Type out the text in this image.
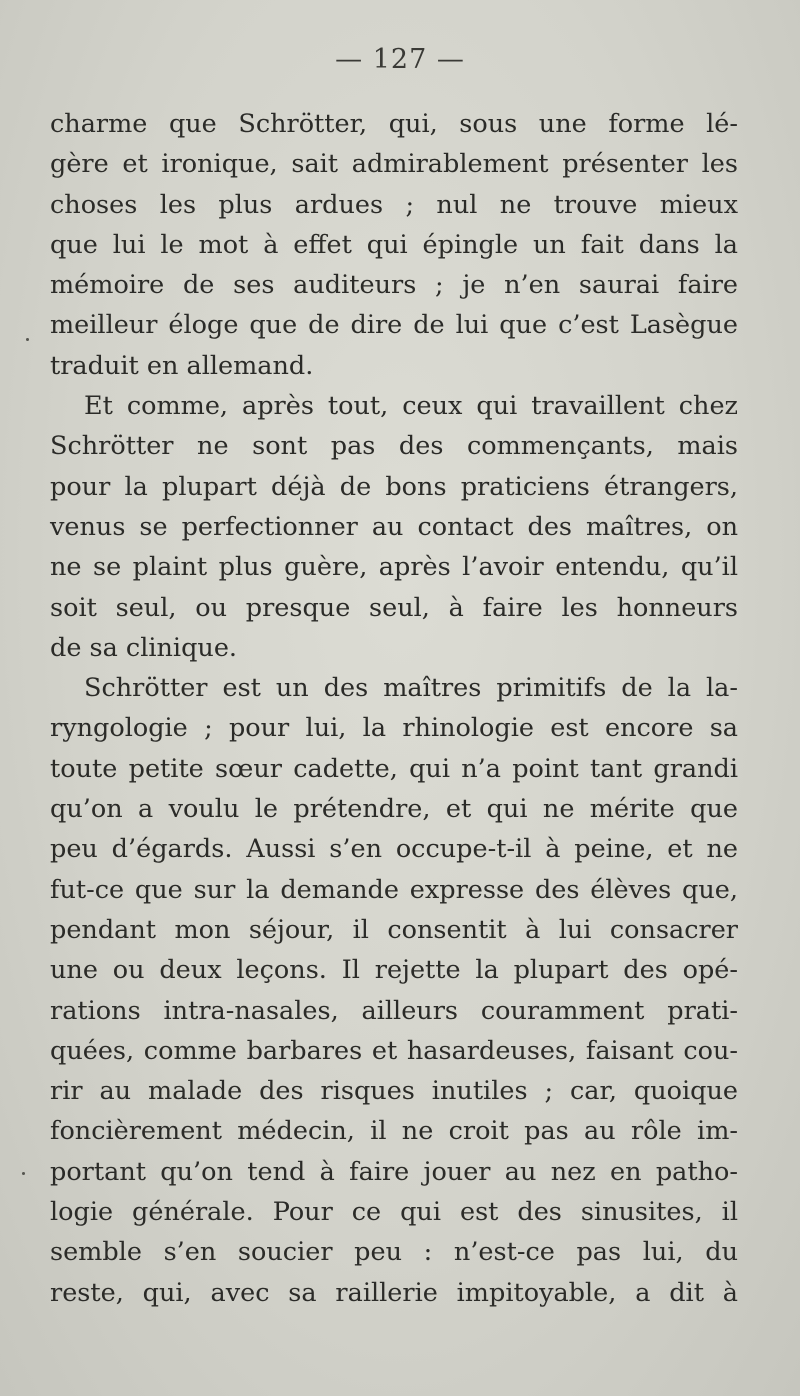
— 127 —
charme que Schrötter, qui, sous une forme lé-
gère et ironique, sait admirablement présenter les
choses les plus ardues ; nul ne trouve mieux
que lui le mot à effet qui épingle un fait dans la
mémoire de ses auditeurs ; je n’en saurai faire
meilleur éloge que de dire de lui que c’est Lasègue
traduit en allemand.
Et comme, après tout, ceux qui travaillent chez
Schrötter ne sont pas des commençants, mais
pour la plupart déjà de bons praticiens étrangers,
venus se perfectionner au contact des maîtres, on
ne se plaint plus guère, après l’avoir entendu, qu’il
soit seul, ou presque seul, à faire les honneurs
de sa clinique.
Schrötter est un des maîtres primitifs de la la-
ryngologie ; pour lui, la rhinologie est encore sa
toute petite sœur cadette, qui n’a point tant grandi
qu’on a voulu le prétendre, et qui ne mérite que
peu d’égards. Aussi s’en occupe-t-il à peine, et ne
fut-ce que sur la demande expresse des élèves que,
pendant mon séjour, il consentit à lui consacrer
une ou deux leçons. Il rejette la plupart des opé-
rations intra-nasales, ailleurs couramment prati-
quées, comme barbares et hasardeuses, faisant cou-
rir au malade des risques inutiles ; car, quoique
foncièrement médecin, il ne croit pas au rôle im-
portant qu’on tend à faire jouer au nez en patho-
logie générale. Pour ce qui est des sinusites, il
semble s’en soucier peu : n’est-ce pas lui, du
reste, qui, avec sa raillerie impitoyable, a dit à
